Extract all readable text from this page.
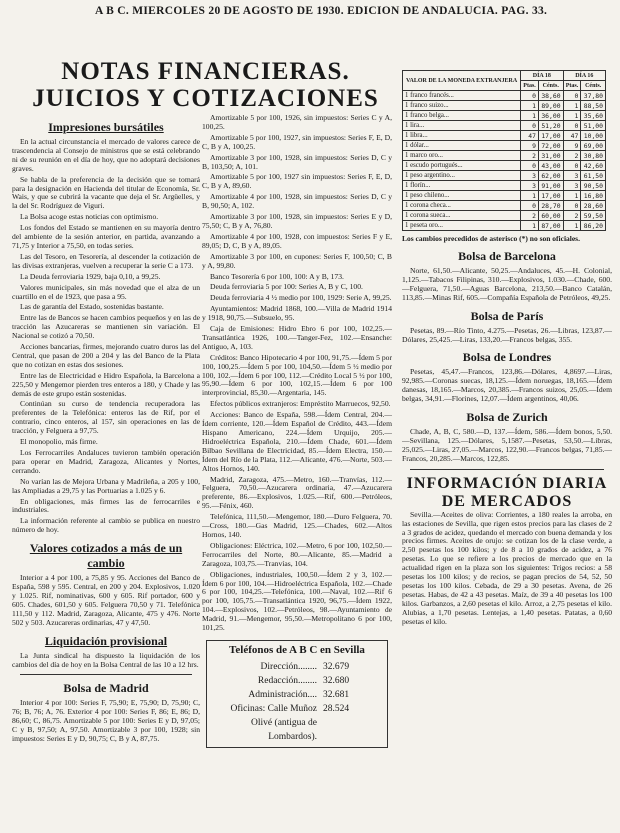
A B C. MIERCOLES 20 DE AGOSTO DE 1930. EDICION DE ANDALUCIA. PAG. 33.
NOTAS FINANCIERAS. JUICIOS Y COTIZACIONES
Impresiones bursátiles
En la actual circunstancia el mercado de valores carece de trascendencia al Consejo de ministros que se está celebrando ni de su reunión en el día de hoy, que no adoptará decisiones graves.
Se habla de la preferencia de la decisión que se tomará para la designación en Hacienda del titular de Economía, Sr. Wais, y que se cubrirá la vacante que deja el Sr. Argüelles, y la del Sr. Rodríguez de Viguri.
La Bolsa acoge estas noticias con optimismo.
Los fondos del Estado se mantienen en su mayoría dentro del ambiente de la sesión anterior, en partida, avanzando a 71,75 y Interior a 75,50, en todas series.
Las del Tesoro, en Tesorería, al descender la cotización de las divisas extranjeras, vuelven a recuperar la serie C a 173.
La Deuda ferroviaria 1929, baja 0,10, a 99,25.
Valores municipales, sin más novedad que el alza de un cuartillo en el de 1923, que pasa a 95.
Las de garantía del Estado, sostenidas bastante.
Entre las de Bancos se hacen cambios pequeños y en las de tracción las Azucareras se mantienen sin variación. El Nacional se cotizó a 70,50.
Acciones bancarias, firmes, mejorando cuatro duros las del Central, que pasan de 200 a 204 y las del Banco de la Plata que no cotizan en estas dos sesiones.
Entre las de Electricidad e Hidro Española, la Barcelona a 225,50 y Mengemor pierden tres enteros a 180, y Chade y las demás de este grupo están sostenidas.
Continúan su curso de tendencia recuperadora las preferentes de la Telefónica: enteros las de Rif, por el contrario, cinco enteros, al 157, sin operaciones en las de tracción, y Felguera a 97,75.
El monopolio, más firme.
Los Ferrocarriles Andaluces tuvieron también operación para operar en Madrid, Zaragoza, Alicantes y Nortes, cerrando.
No varían las de Mejora Urbana y Madrileña, a 205 y 100, las Ampliadas a 29,75 y las Portuarias a 1.025 y 6.
En obligaciones, más firmes las de ferrocarriles e industriales.
La información referente al cambio se publica en nuestro número de hoy.
Valores cotizados a más de un cambio
Interior a 4 por 100, a 75,85 y 95. Acciones del Banco de España, 598 y 595. Central, en 200 y 204. Explosivos, 1.020 y 1.025. Rif, nominativas, 600 y 605. Rif portador, 600 y 605. Chades, 601,50 y 605. Felguera 70,50 y 71. Telefónica 111,50 y 112. Madrid, Zaragoza, Alicante, 475 y 476. Norte 502 y 503. Azucareras ordinarias, 47 y 47,50.
Liquidación provisional
La Junta sindical ha dispuesto la liquidación de los cambios del día de hoy en la Bolsa Central de las 10 a 12 hrs.
Bolsa de Madrid
Interior 4 por 100: Series F, 75,90; E, 75,90; D, 75,90; C, 76; B, 76; A, 76. Exterior 4 por 100: Series F, 86; E, 86; D, 86,60; C, 86,75. Amortizable 5 por 100: Series E y D, 97,05; C y B, 97,50; A, 97,50. Amortizable 3 por 100, 1928; sin impuestos: Series E y D, 90,75; C, B y A, 87,75.
Amortizable 5 por 100, 1926, sin impuestos: Series C y A, 100,25.
Amortizable 5 por 100, 1927, sin impuestos: Series F, E, D, C, B y A, 100,25.
Amortizable 3 por 100, 1928, sin impuestos: Series D, C y B, 103,50; A, 101.
Amortizable 5 por 100, 1927 sin impuestos: Series F, E, D, C, B y A, 89,60.
Amortizable 4 por 100, 1928, sin impuestos: Series D, C y B, 90,50; A, 102.
Amortizable 3 por 100, 1928, sin impuestos: Series E y D, 75,50; C, B y A, 76,80.
Amortizable 4 por 100, 1928, con impuestos: Series F y E, 89,05; D, C, B y A, 89,05.
Amortizable 3 por 100, en cupones: Series F, 100,50; C, B y A, 99,80.
Banco Tesorería 6 por 100, 100: A y B, 173.
Deuda ferroviaria 5 por 100: Series A, B y C, 100.
Deuda ferroviaria 4 ½ medio por 100, 1929: Serie A, 99,25.
Ayuntamientos: Madrid 1868, 100.—Villa de Madrid 1914 y 1918, 90,75.—Subsuelo, 95.
Caja de Emisiones: Hidro Ebro 6 por 100, 102,25.—Transatlántica 1926, 100.—Tanger-Fez, 102.—Ensanche: Antiguo, A, 103.
Créditos: Banco Hipotecario 4 por 100, 91,75.—Ídem 5 por 100, 100,25.—Ídem 5 por 100, 104,50.—Ídem 5 ½ medio por 100, 102.—Ídem 6 por 100, 112.—Crédito Local 5 ½ por 100, 95,90.—Ídem 6 por 100, 102,15.—Ídem 6 por 100 interprovincial, 85,30.—Argentaria, 145.
Efectos públicos extranjeros: Empréstito Marruecos, 92,50.
Acciones: Banco de España, 598.—Ídem Central, 204.—Ídem corriente, 120.—Ídem Español de Crédito, 443.—Ídem Hispano Americano, 224.—Ídem Urquijo, 205.—Hidroeléctrica Española, 210.—Ídem Chade, 601.—Ídem Bilbao Sevillana de Electricidad, 85.—Ídem Electra, 150.—Ídem del Río de la Plata, 112.—Alicante, 476.—Norte, 503.—Altos Hornos, 140.
Madrid, Zaragoza, 475.—Metro, 160.—Tranvías, 112.—Felguera, 70,50.—Azucarera ordinaria, 47.—Azucarera preferente, 86.—Explosivos, 1.025.—Rif, 600.—Petróleos, 95.—Fénix, 460.
Telefónica, 111,50.—Mengemor, 180.—Duro Felguera, 70.—Cross, 180.—Gas Madrid, 125.—Chades, 602.—Altos Hornos, 140.
Obligaciones: Eléctrica, 102.—Metro, 6 por 100, 102,50.—Ferrocarriles del Norte, 80.—Alicante, 85.—Madrid a Zaragoza, 103,75.—Tranvías, 104.
Obligaciones, industriales, 100,50.—Ídem 2 y 3, 102.—Ídem 6 por 100, 104.—Hidroeléctrica Española, 102.—Chade 6 por 100, 104,25.—Telefónica, 100.—Naval, 102.—Rif 6 por 100, 105,75.—Transatlántica 1920, 96,75.—Ídem 1922, 104.—Explosivos, 102.—Petróleos, 98.—Ayuntamiento de Madrid, 91.—Mengemor, 95,50.—Metropolitano 6 por 100, 101,25.
Teléfonos de A B C en Sevilla
Dirección........ 32.679
Redacción........ 32.680
Administración.... 32.681
Oficinas: Calle Muñoz Olivé (antigua de Lombardos).
28.524
VALOR DE LA MONEDA EXTRANJERA	DÍA 18		DÍA 16	
	Ptas.	Cénts.	Ptas.	Cénts.
1 franco francés...	0	38,60	0	37,80
1 franco suizo...	1	89,00	1	88,50
1 franco belga...	1	36,00	1	35,60
1 lira...	0	51,20	0	51,00
1 libra...	47	17,00	47	10,00
1 dólar...	9	72,00	9	69,00
1 marco oro...	2	31,00	2	30,80
1 escudo portugués...	0	43,00	0	42,60
1 peso argentino...	3	62,00	3	61,50
1 florín...	3	91,00	3	90,50
1 peso chileno...	1	17,00	1	16,80
1 corona checa...	0	28,70	0	28,60
1 corona sueca...	2	60,00	2	59,50
1 peseta oro...	1	87,00	1	86,20
Los cambios precedidos de asterisco (*) no son oficiales.
Bolsa de Barcelona
Norte, 61,50.—Alicante, 50,25.—Andaluces, 45.—H. Colonial, 1,125.—Tabacos Filipinas, 310.—Explosivos, 1.030.—Chade, 600.—Felguera, 71,50.—Aguas Barcelona, 213,50.—Banco Catalán, 113,85.—Minas Rif, 605.—Compañía Española de Petróleos, 49,25.
Bolsa de París
Pesetas, 89.—Río Tinto, 4.275.—Pesetas, 26.—Libras, 123,87.—Dólares, 25,425.—Liras, 133,20.—Francos belgas, 355.
Bolsa de Londres
Pesetas, 45,47.—Francos, 123,86.—Dólares, 4,8697.—Liras, 92,985.—Coronas suecas, 18,125.—Ídem noruegas, 18,165.—Ídem danesas, 18,165.—Marcos, 20,385.—Francos suizos, 25,05.—Ídem belgas, 34,91.—Florines, 12,07.—Ídem argentinos, 40,06.
Bolsa de Zurich
Chade, A, B, C, 580.—D, 137.—Ídem, 586.—Ídem bonos, 5,50.—Sevillana, 125.—Dólares, 5,1587.—Pesetas, 53,50.—Libras, 25,025.—Liras, 27,05.—Marcos, 122,90.—Francos belgas, 71,85.—Francos, 20,285.—Marcos, 122,85.
INFORMACIÓN DIARIA DE MERCADOS
Sevilla.—Aceites de oliva: Corrientes, a 180 reales la arroba, en las estaciones de Sevilla, que rigen estos precios para las clases de 2 a 3 grados de acidez, quedando el mercado con buena demanda y los precios firmes. Aceites de orujo: se cotizan los de la clase verde, a 2,50 pesetas los 100 kilos; y de 8 a 10 grados de acidez, a 76 pesetas. Lo que se refiere a los precios de mercado que en la actualidad rigen en la plaza son los siguientes: Trigos recios: a 58 pesetas los 100 kilos; y de recios, se pagan precios de 54, 52, 50 pesetas los 100 kilos. Cebada, de 29 a 30 pesetas. Avena, de 26 pesetas. Habas, de 42 a 43 pesetas. Maíz, de 39 a 40 pesetas los 100 kilos. Garbanzos, a 2,60 pesetas el kilo. Arroz, a 2,75 pesetas el kilo. Alubias, a 1,70 pesetas. Lentejas, a 1,40 pesetas. Patatas, a 0,60 pesetas el kilo.
